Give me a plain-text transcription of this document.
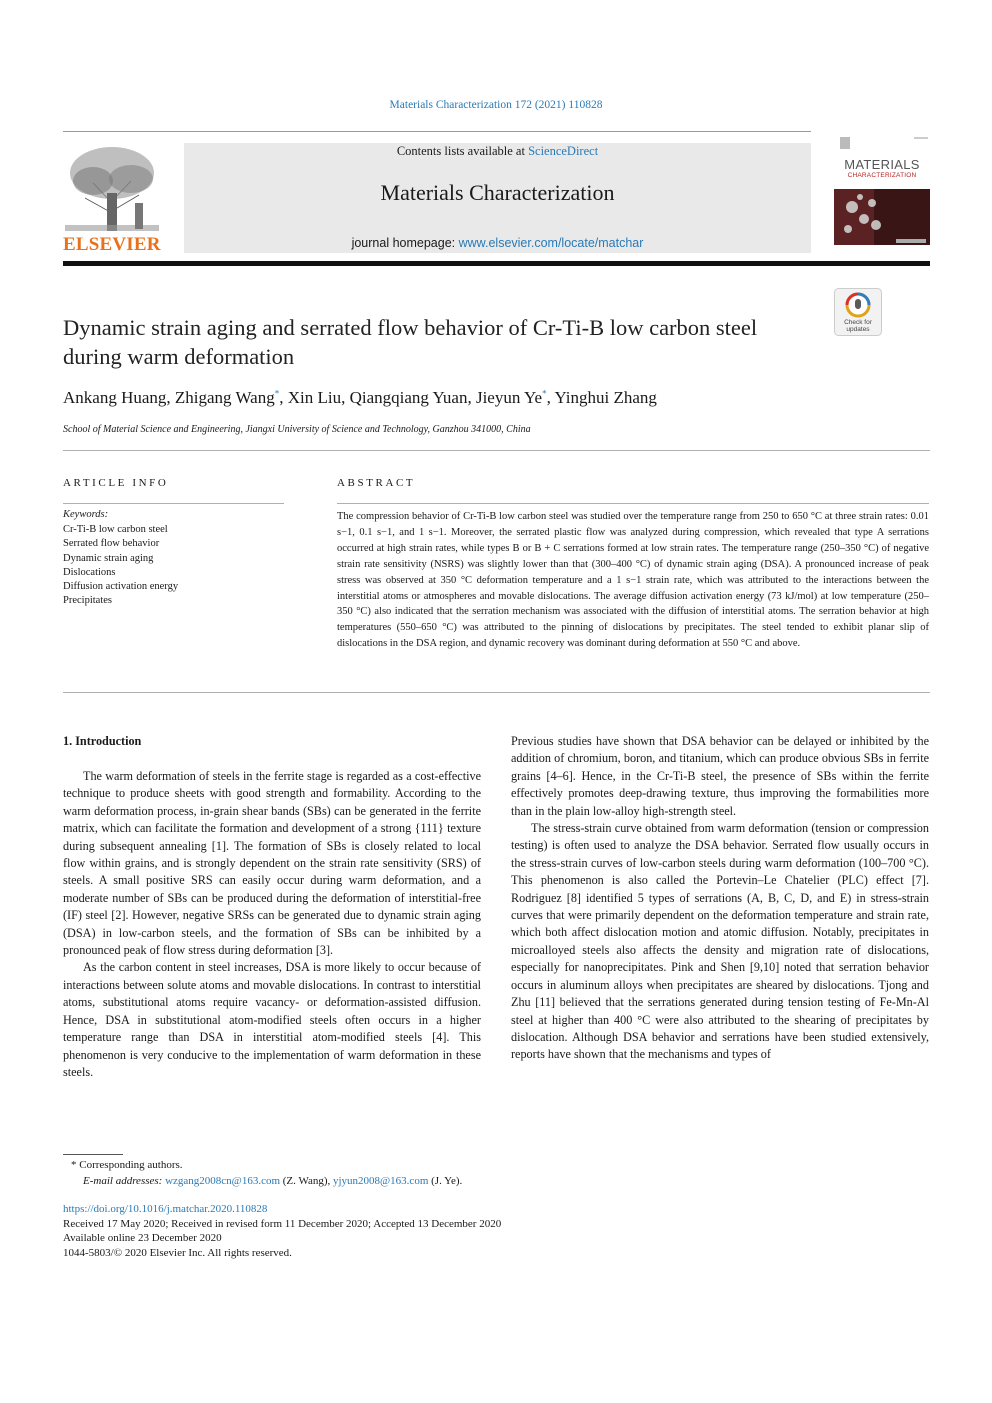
Materials Characterization 172 (2021) 110828
ELSEVIER
Contents lists available at ScienceDirect
Materials Characterization
journal homepage: www.elsevier.com/locate/matchar
MATERIALS
CHARACTERIZATION
Dynamic strain aging and serrated flow behavior of Cr-Ti-B low carbon steel during warm deformation
Check for
updates
Ankang Huang, Zhigang Wang*, Xin Liu, Qiangqiang Yuan, Jieyun Ye*, Yinghui Zhang
School of Material Science and Engineering, Jiangxi University of Science and Technology, Ganzhou 341000, China
ARTICLE INFO	ABSTRACT
Keywords:
Cr-Ti-B low carbon steel
Serrated flow behavior
Dynamic strain aging
Dislocations
Diffusion activation energy
Precipitates
The compression behavior of Cr-Ti-B low carbon steel was studied over the temperature range from 250 to 650 °C at three strain rates: 0.01 s−1, 0.1 s−1, and 1 s−1. Moreover, the serrated plastic flow was analyzed during compression, which revealed that type A serrations occurred at high strain rates, while types B or B + C serrations formed at low strain rates. The temperature range (250–350 °C) of negative strain rate sensitivity (NSRS) was slightly lower than that (300–400 °C) of dynamic strain aging (DSA). A pronounced increase of peak stress was observed at 350 °C deformation temperature and a 1 s−1 strain rate, which was attributed to the interactions between the interstitial atoms or atmospheres and movable dislocations. The average diffusion activation energy (73 kJ/mol) at low temperature (250–350 °C) also indicated that the serration mechanism was associated with the diffusion of interstitial atoms. The serration behavior at high temperatures (550–650 °C) was attributed to the pinning of dislocations by precipitates. The steel tended to exhibit planar slip of dislocations in the DSA region, and dynamic recovery was dominant during deformation at 550 °C and above.
1. Introduction

The warm deformation of steels in the ferrite stage is regarded as a cost-effective technique to produce sheets with good strength and formability. According to the warm deformation process, in-grain shear bands (SBs) can be generated in the ferrite matrix, which can facilitate the formation and development of a strong {111} texture during subsequent annealing [1]. The formation of SBs is closely related to local flow within grains, and is strongly dependent on the strain rate sensitivity (SRS) of steels. A small positive SRS can easily occur during warm deformation, and a moderate number of SBs can be produced during the deformation of interstitial-free (IF) steel [2]. However, negative SRSs can be generated due to dynamic strain aging (DSA) in low-carbon steels, and the formation of SBs can be inhibited by a pronounced peak of flow stress during deformation [3].

As the carbon content in steel increases, DSA is more likely to occur because of interactions between solute atoms and movable dislocations. In contrast to interstitial atoms, substitutional atoms require vacancy- or deformation-assisted diffusion. Hence, DSA in substitutional atom-modified steels often occurs in a higher temperature range than DSA in interstitial atom-modified steels [4]. This phenomenon is very conducive to the implementation of warm deformation in these steels.

Previous studies have shown that DSA behavior can be delayed or inhibited by the addition of chromium, boron, and titanium, which can produce obvious SBs in ferrite grains [4–6]. Hence, in the Cr-Ti-B steel, the presence of SBs within the ferrite effectively promotes deep-drawing texture, thus improving the formabilities more than in the plain low-alloy high-strength steel.

The stress-strain curve obtained from warm deformation (tension or compression testing) is often used to analyze the DSA behavior. Serrated flow usually occurs in the stress-strain curves of low-carbon steels during warm deformation (100–700 °C). This phenomenon is also called the Portevin–Le Chatelier (PLC) effect [7]. Rodriguez [8] identified 5 types of serrations (A, B, C, D, and E) in stress-strain curves that were primarily dependent on the deformation temperature and strain rate, which both affect dislocation motion and atomic diffusion. Notably, precipitates in microalloyed steels also affects the density and migration rate of dislocations, especially for nanoprecipitates. Pink and Shen [9,10] noted that serration behavior occurs in aluminum alloys when precipitates are sheared by dislocations. Tjong and Zhu [11] believed that the serrations generated during tension testing of Fe-Mn-Al steel at higher than 400 °C were also attributed to the shearing of precipitates by dislocation. Although DSA behavior and serrations have been studied extensively, reports have shown that the mechanisms and types of

* Corresponding authors.
E-mail addresses: wzgang2008cn@163.com (Z. Wang), yjyun2008@163.com (J. Ye).
https://doi.org/10.1016/j.matchar.2020.110828
Received 17 May 2020; Received in revised form 11 December 2020; Accepted 13 December 2020
Available online 23 December 2020
1044-5803/© 2020 Elsevier Inc. All rights reserved.
